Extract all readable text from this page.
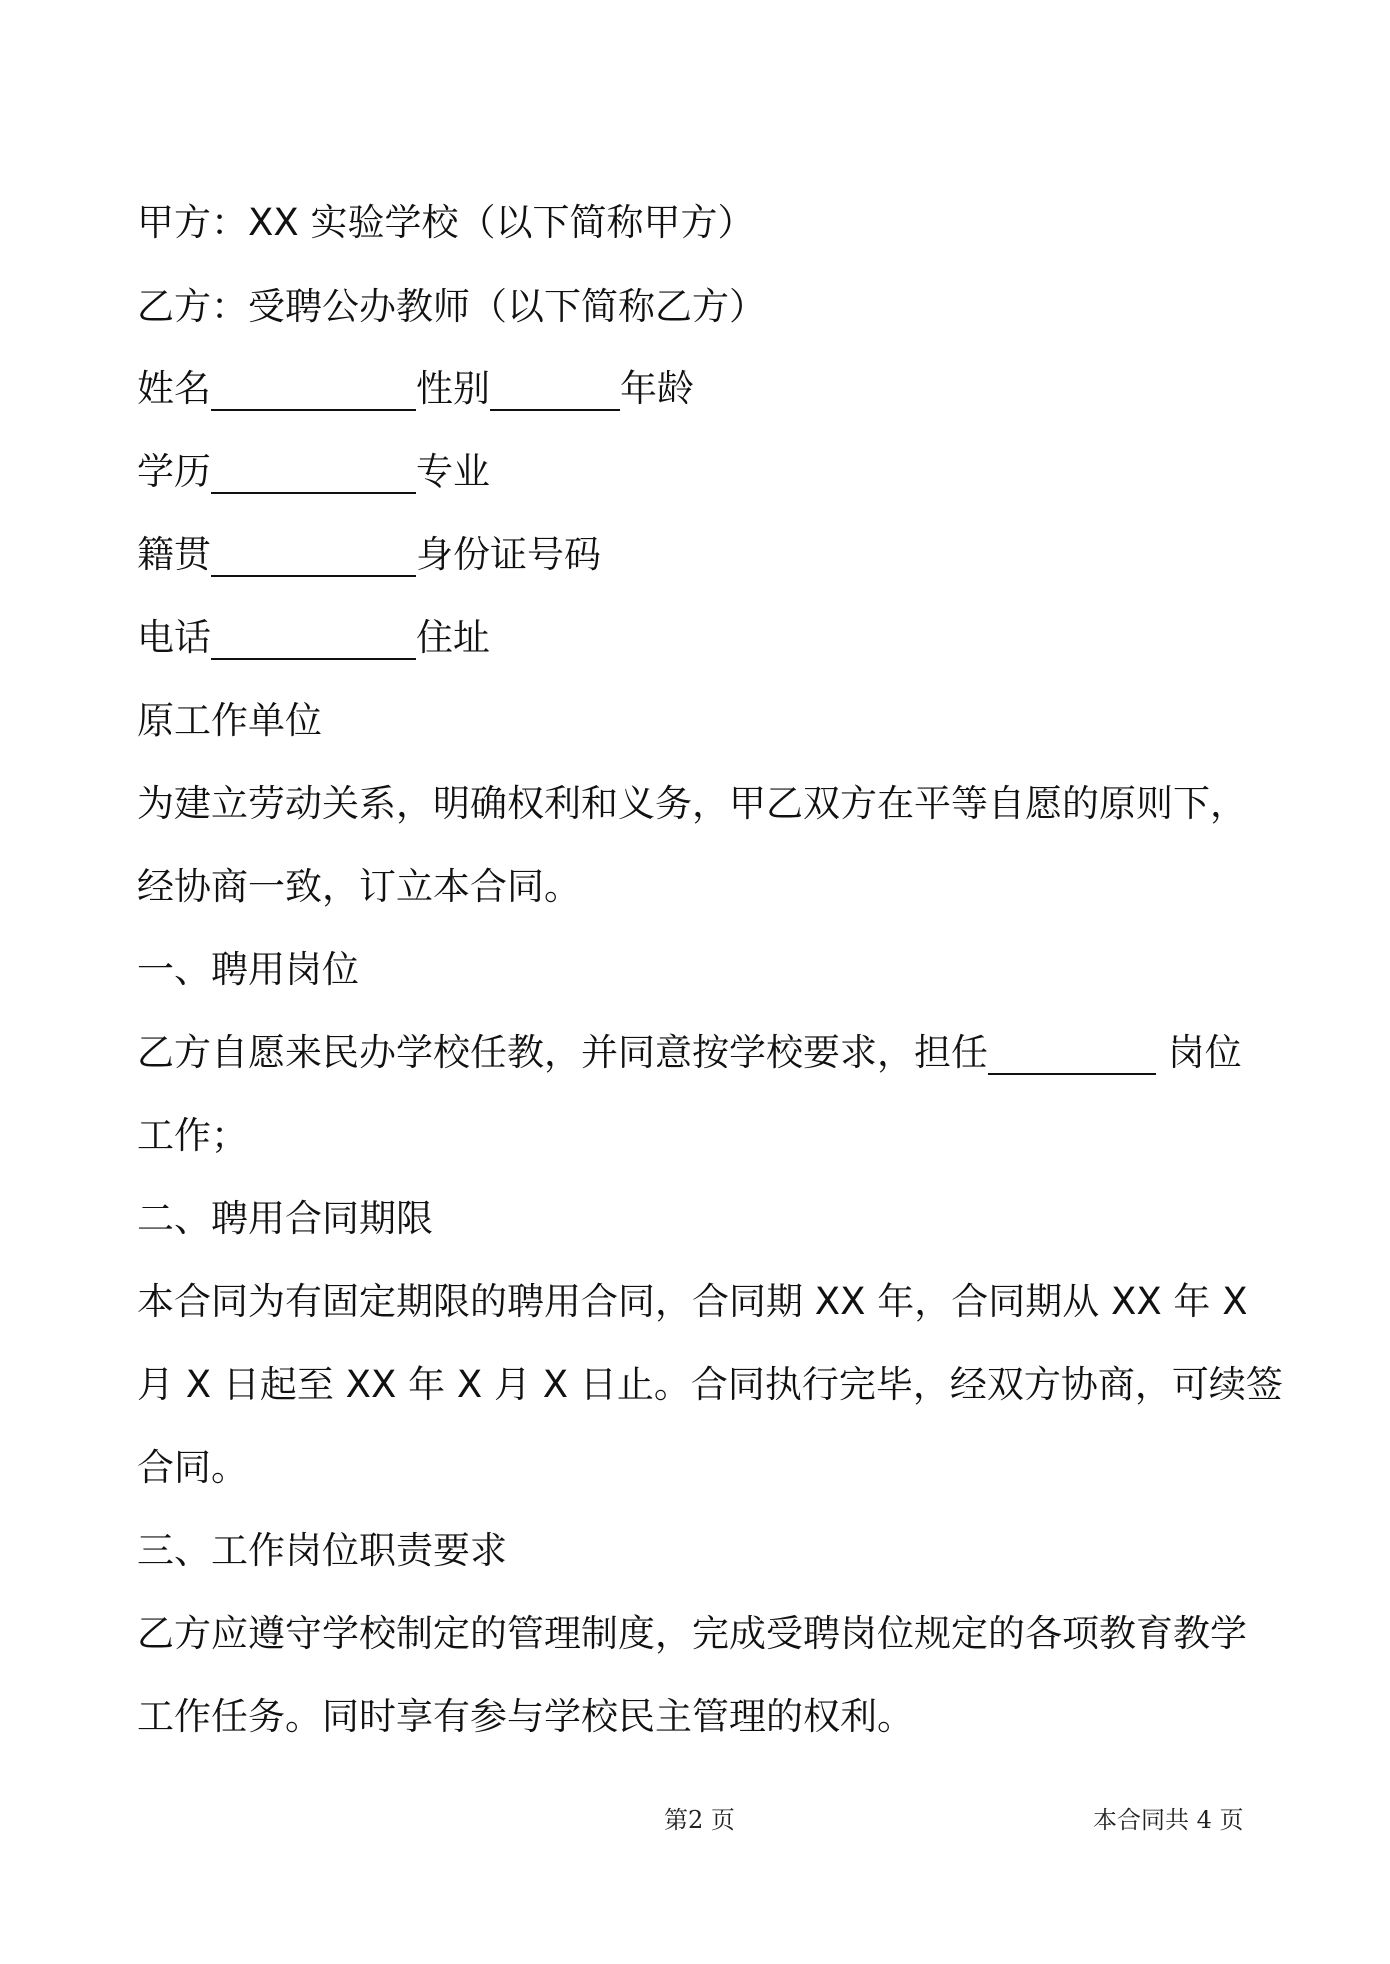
甲方：XX 实验学校（以下简称甲方）
乙方：受聘公办教师（以下简称乙方）
姓名	性别	年龄
学历	专业
籍贯	身份证号码
电话	住址
原工作单位
为建立劳动关系，明确权利和义务，甲乙双方在平等自愿的原则下，
经协商一致，订立本合同。
一、聘用岗位
乙方自愿来民办学校任教，并同意按学校要求，担任	岗位
工作；
二、聘用合同期限
本合同为有固定期限的聘用合同，合同期 XX 年，合同期从 XX 年 X
月 X 日起至 XX 年 X 月 X 日止。合同执行完毕，经双方协商，可续签
合同。
三、工作岗位职责要求
乙方应遵守学校制定的管理制度，完成受聘岗位规定的各项教育教学
工作任务。同时享有参与学校民主管理的权利。
第2 页	本合同共 4 页
